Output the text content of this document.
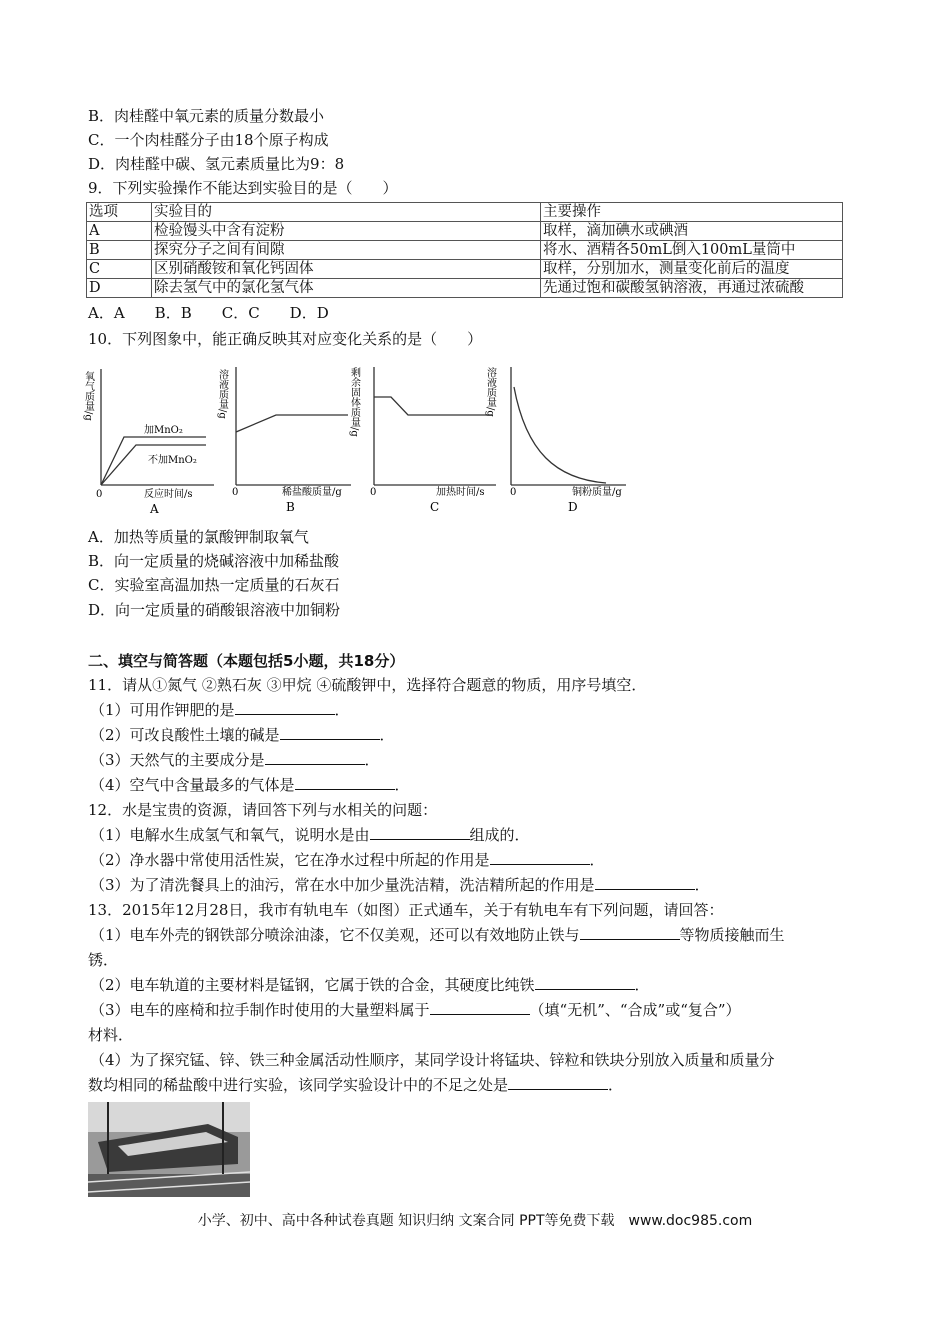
B．肉桂醛中氧元素的质量分数最小
C．一个肉桂醛分子由18个原子构成
D．肉桂醛中碳、氢元素质量比为9：8
9．下列实验操作不能达到实验目的是（　　）
选项	实验目的	主要操作
A	检验馒头中含有淀粉	取样，滴加碘水或碘酒
B	探究分子之间有间隙	将水、酒精各50mL倒入100mL量筒中
C	区别硝酸铵和氧化钙固体	取样，分别加水，测量变化前后的温度
D	除去氢气中的氯化氢气体	先通过饱和碳酸氢钠溶液，再通过浓硫酸
A．A　　B．B　　C．C　　D．D
10．下列图象中，能正确反映其对应变化关系的是（　　）
氧气质量/g
加MnO₂
不加MnO₂
0	反应时间/s
A
溶液质量/g
0	稀盐酸质量/g
B
剩余固体质量/g
0	加热时间/s
C
溶液质量/g
0	铜粉质量/g
D
A．加热等质量的氯酸钾制取氧气
B．向一定质量的烧碱溶液中加稀盐酸
C．实验室高温加热一定质量的石灰石
D．向一定质量的硝酸银溶液中加铜粉
二、填空与简答题（本题包括5小题，共18分）
11．请从①氮气 ②熟石灰 ③甲烷 ④硫酸钾中，选择符合题意的物质，用序号填空．
（1）可用作钾肥的是	．
（2）可改良酸性土壤的碱是	．
（3）天然气的主要成分是	．
（4）空气中含量最多的气体是	．
12．水是宝贵的资源，请回答下列与水相关的问题：
（1）电解水生成氢气和氧气，说明水是由	组成的．
（2）净水器中常使用活性炭，它在净水过程中所起的作用是	．
（3）为了清洗餐具上的油污，常在水中加少量洗洁精，洗洁精所起的作用是	．
13．2015年12月28日，我市有轨电车（如图）正式通车，关于有轨电车有下列问题，请回答：
（1）电车外壳的钢铁部分喷涂油漆，它不仅美观，还可以有效地防止铁与	等物质接触而生
锈．
（2）电车轨道的主要材料是锰钢，它属于铁的合金，其硬度比纯铁	．
（3）电车的座椅和拉手制作时使用的大量塑料属于	（填“无机”、“合成”或“复合”）
材料．
（4）为了探究锰、锌、铁三种金属活动性顺序，某同学设计将锰块、锌粒和铁块分别放入质量和质量分
数均相同的稀盐酸中进行实验，该同学实验设计中的不足之处是	．
小学、初中、高中各种试卷真题 知识归纳 文案合同 PPT等免费下载　www.doc985.com
